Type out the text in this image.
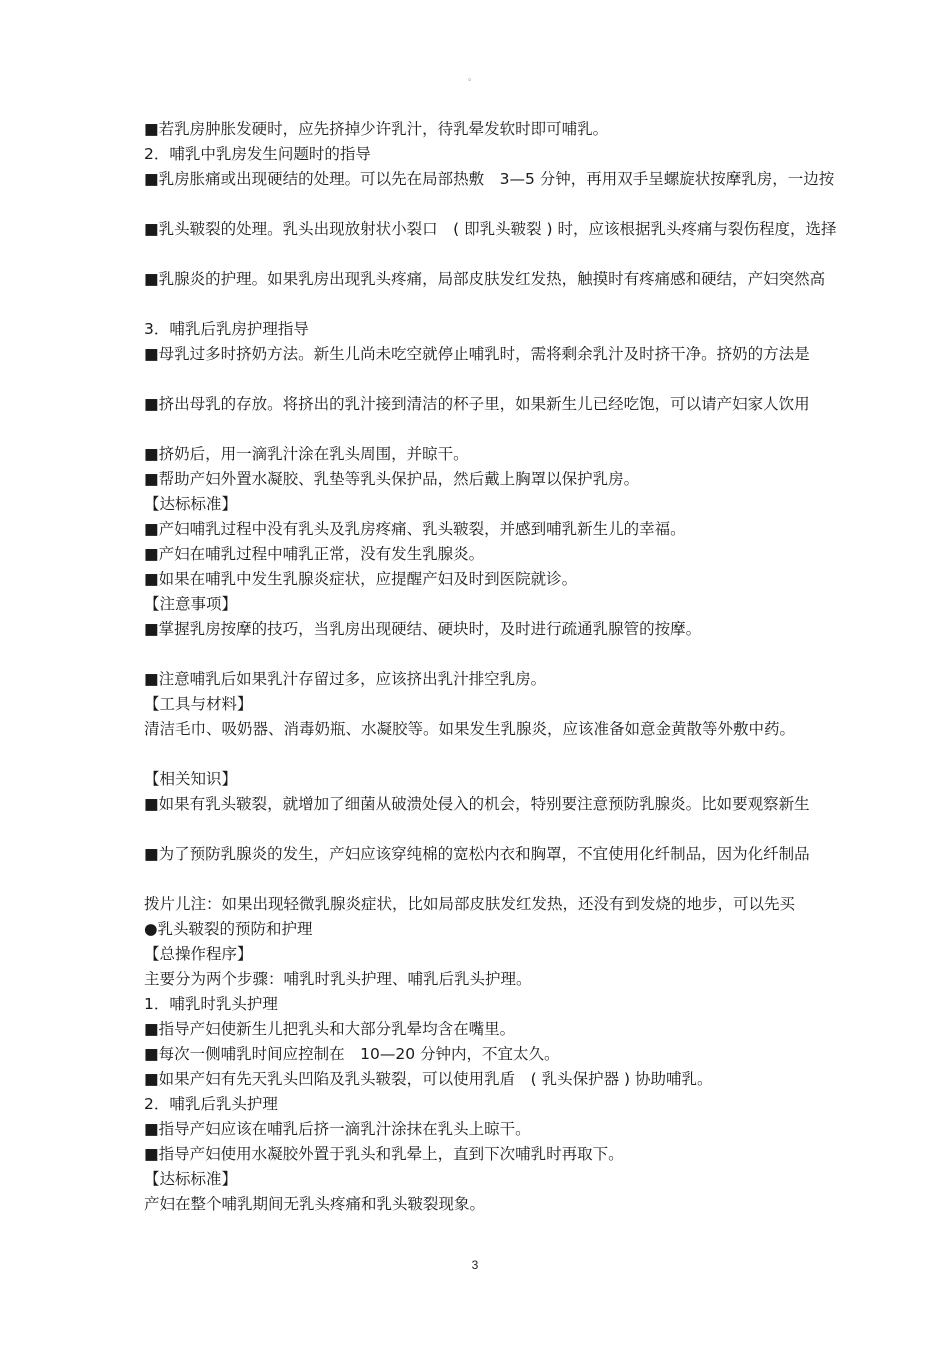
。
■若乳房肿胀发硬时，应先挤掉少许乳汁，待乳晕发软时即可哺乳。
2．哺乳中乳房发生问题时的指导
■乳房胀痛或出现硬结的处理。可以先在局部热敷　3—5 分钟，再用双手呈螺旋状按摩乳房，一边按
■乳头皲裂的处理。乳头出现放射状小裂口　( 即乳头皲裂 ) 时，应该根据乳头疼痛与裂伤程度，选择
■乳腺炎的护理。如果乳房出现乳头疼痛，局部皮肤发红发热，触摸时有疼痛感和硬结，产妇突然高
3．哺乳后乳房护理指导
■母乳过多时挤奶方法。新生儿尚未吃空就停止哺乳时，需将剩余乳汁及时挤干净。挤奶的方法是
■挤出母乳的存放。将挤出的乳汁接到清洁的杯子里，如果新生儿已经吃饱，可以请产妇家人饮用
■挤奶后，用一滴乳汁涂在乳头周围，并晾干。
■帮助产妇外置水凝胶、乳垫等乳头保护品，然后戴上胸罩以保护乳房。
【达标标准】
■产妇哺乳过程中没有乳头及乳房疼痛、乳头皲裂，并感到哺乳新生儿的幸福。
■产妇在哺乳过程中哺乳正常，没有发生乳腺炎。
■如果在哺乳中发生乳腺炎症状，应提醒产妇及时到医院就诊。
【注意事项】
■掌握乳房按摩的技巧，当乳房出现硬结、硬块时，及时进行疏通乳腺管的按摩。
■注意哺乳后如果乳汁存留过多，应该挤出乳汁排空乳房。
【工具与材料】
清洁毛巾、吸奶器、消毒奶瓶、水凝胶等。如果发生乳腺炎，应该准备如意金黄散等外敷中药。
【相关知识】
■如果有乳头皲裂，就增加了细菌从破溃处侵入的机会，特别要注意预防乳腺炎。比如要观察新生
■为了预防乳腺炎的发生，产妇应该穿纯棉的宽松内衣和胸罩，不宜使用化纤制品，因为化纤制品
拨片儿注：如果出现轻微乳腺炎症状，比如局部皮肤发红发热，还没有到发烧的地步，可以先买
●乳头皲裂的预防和护理
【总操作程序】
主要分为两个步骤：哺乳时乳头护理、哺乳后乳头护理。
1．哺乳时乳头护理
■指导产妇使新生儿把乳头和大部分乳晕均含在嘴里。
■每次一侧哺乳时间应控制在　10—20 分钟内，不宜太久。
■如果产妇有先天乳头凹陷及乳头皲裂，可以使用乳盾　( 乳头保护器 ) 协助哺乳。
2．哺乳后乳头护理
■指导产妇应该在哺乳后挤一滴乳汁涂抹在乳头上晾干。
■指导产妇使用水凝胶外置于乳头和乳晕上，直到下次哺乳时再取下。
【达标标准】
产妇在整个哺乳期间无乳头疼痛和乳头皲裂现象。
3
